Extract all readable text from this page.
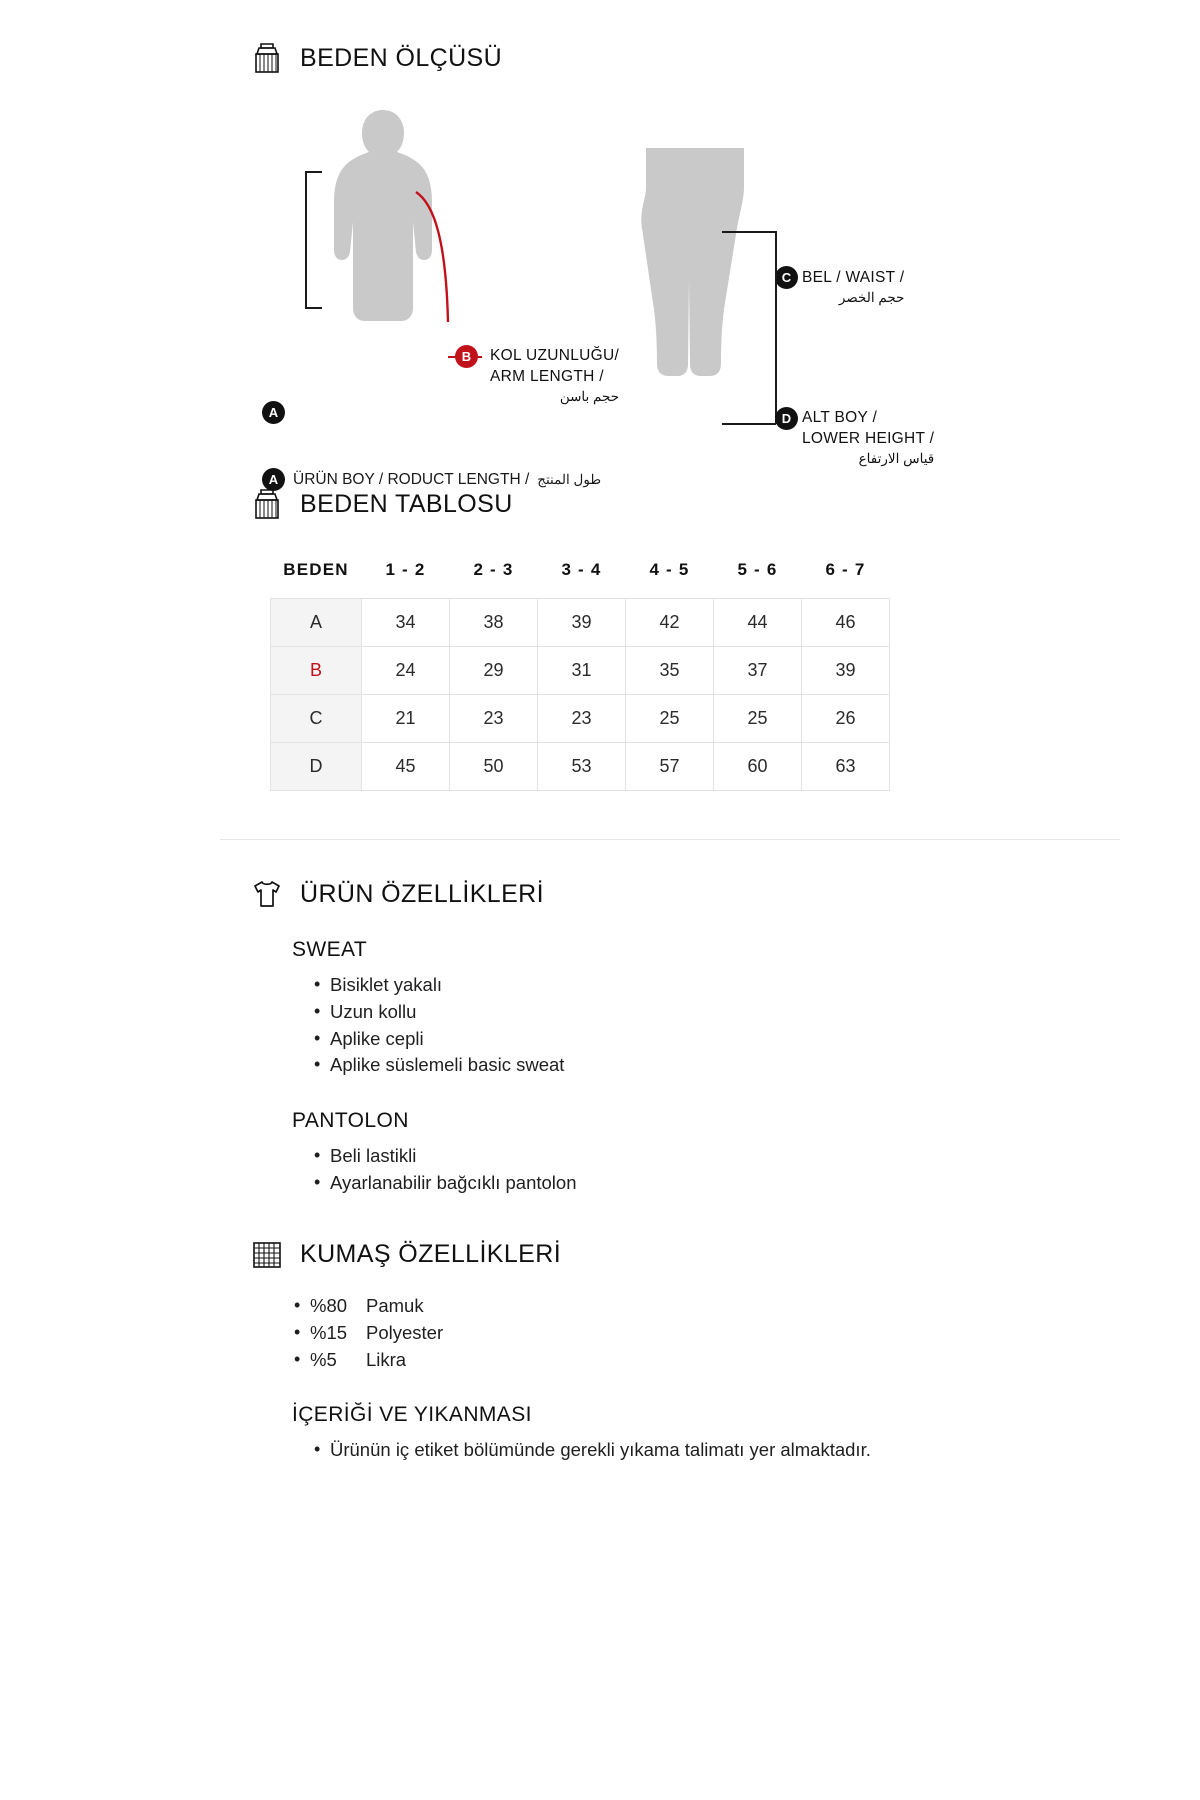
BEDEN ÖLÇÜSÜ
A
B	KOL UZUNLUĞU/
ARM LENGTH /
حجم باسن
A ÜRÜN BOY / RODUCT LENGTH / طول المنتج
C BEL / WAIST /
حجم الخصر
D ALT BOY /
LOWER HEIGHT /
قياس الارتفاع
BEDEN TABLOSU
BEDEN	1 - 2	2 - 3	3 - 4	4 - 5	5 - 6	6 - 7
A	34	38	39	42	44	46
B	24	29	31	35	37	39
C	21	23	23	25	25	26
D	45	50	53	57	60	63
ÜRÜN ÖZELLİKLERİ
SWEAT
• Bisiklet yakalı
• Uzun kollu
• Aplike cepli
• Aplike süslemeli basic sweat
PANTOLON
• Beli lastikli
• Ayarlanabilir bağcıklı pantolon
KUMAŞ ÖZELLİKLERİ
• %80 Pamuk
• %15 Polyester
• %5 Likra
İÇERİĞİ VE YIKANMASI
• Ürünün iç etiket bölümünde gerekli yıkama talimatı yer almaktadır.
